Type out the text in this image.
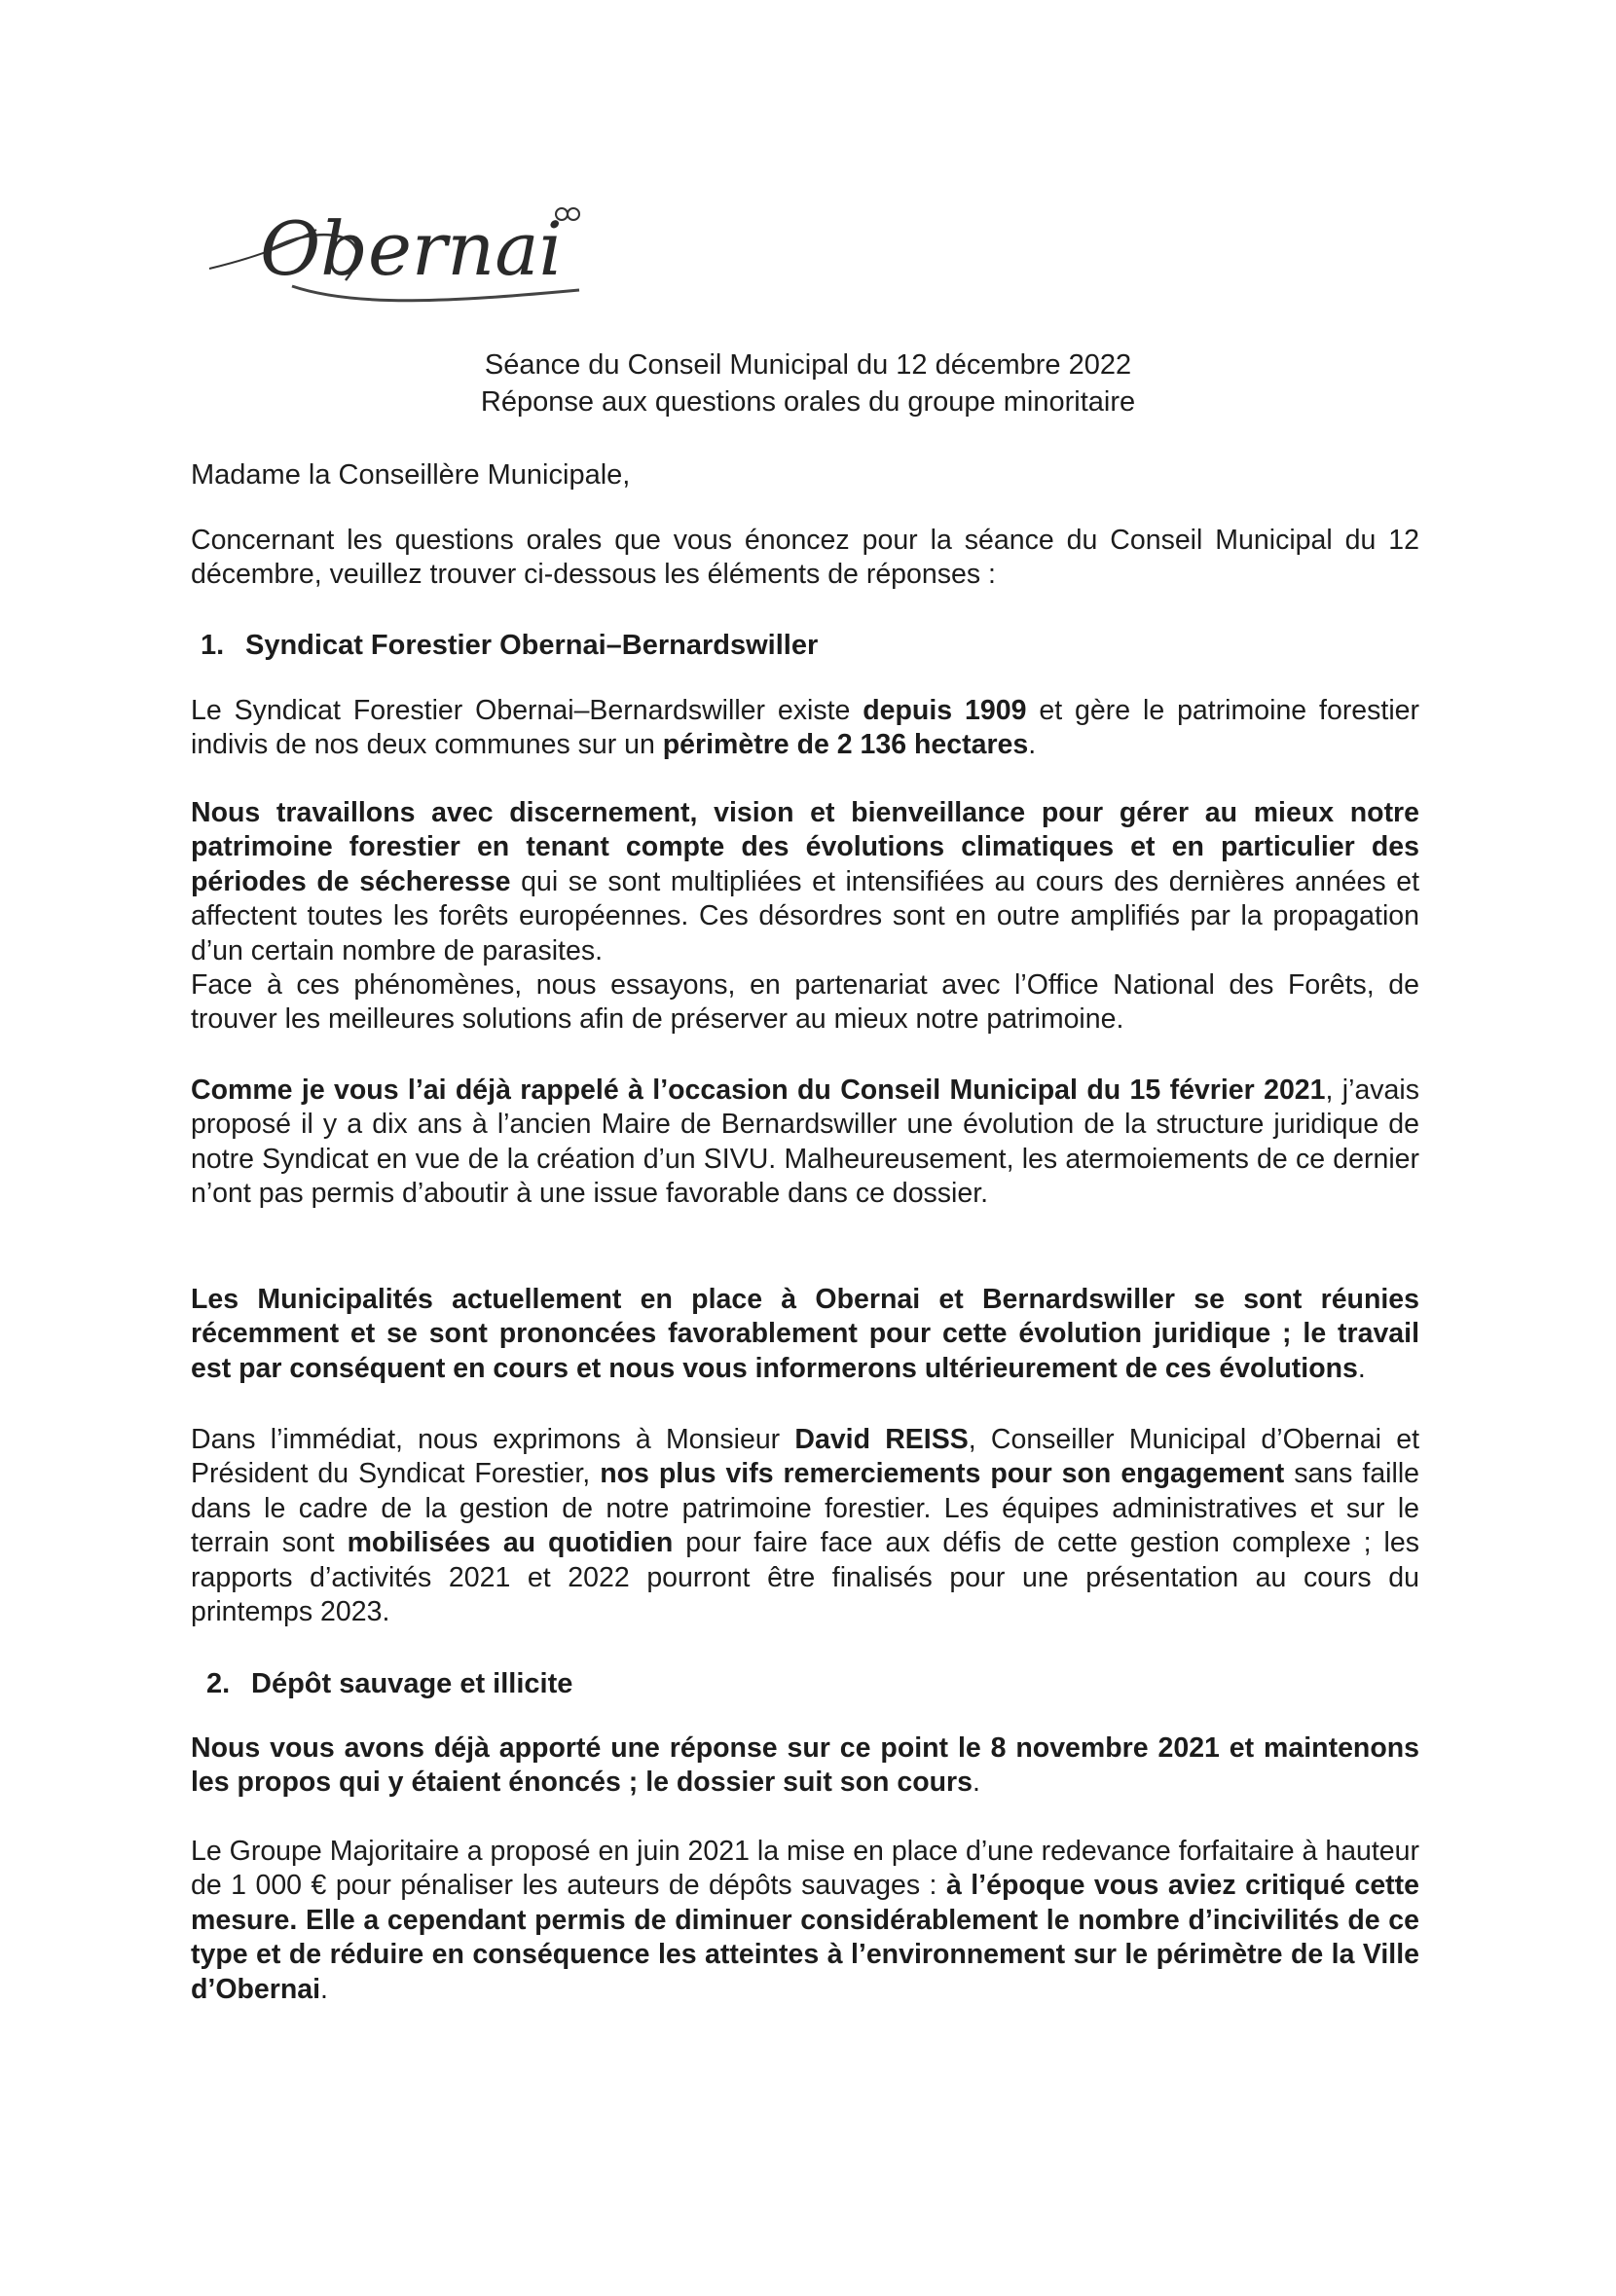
Obernai
Séance du Conseil Municipal du 12 décembre 2022
Réponse aux questions orales du groupe minoritaire
Madame la Conseillère Municipale,
Concernant les questions orales que vous énoncez pour la séance du Conseil Municipal du 12 décembre, veuillez trouver ci-dessous les éléments de réponses :
1. Syndicat Forestier Obernai–Bernardswiller
Le Syndicat Forestier Obernai–Bernardswiller existe depuis 1909 et gère le patrimoine forestier indivis de nos deux communes sur un périmètre de 2 136 hectares.
Nous travaillons avec discernement, vision et bienveillance pour gérer au mieux notre patrimoine forestier en tenant compte des évolutions climatiques et en particulier des périodes de sécheresse qui se sont multipliées et intensifiées au cours des dernières années et affectent toutes les forêts européennes. Ces désordres sont en outre amplifiés par la propagation d’un certain nombre de parasites.
Face à ces phénomènes, nous essayons, en partenariat avec l’Office National des Forêts, de trouver les meilleures solutions afin de préserver au mieux notre patrimoine.
Comme je vous l’ai déjà rappelé à l’occasion du Conseil Municipal du 15 février 2021, j’avais proposé il y a dix ans à l’ancien Maire de Bernardswiller une évolution de la structure juridique de notre Syndicat en vue de la création d’un SIVU. Malheureusement, les atermoiements de ce dernier n’ont pas permis d’aboutir à une issue favorable dans ce dossier.
Les Municipalités actuellement en place à Obernai et Bernardswiller se sont réunies récemment et se sont prononcées favorablement pour cette évolution juridique ; le travail est par conséquent en cours et nous vous informerons ultérieurement de ces évolutions.
Dans l’immédiat, nous exprimons à Monsieur David REISS, Conseiller Municipal d’Obernai et Président du Syndicat Forestier, nos plus vifs remerciements pour son engagement sans faille dans le cadre de la gestion de notre patrimoine forestier. Les équipes administratives et sur le terrain sont mobilisées au quotidien pour faire face aux défis de cette gestion complexe ; les rapports d’activités 2021 et 2022 pourront être finalisés pour une présentation au cours du printemps 2023.
2. Dépôt sauvage et illicite
Nous vous avons déjà apporté une réponse sur ce point le 8 novembre 2021 et maintenons les propos qui y étaient énoncés ; le dossier suit son cours.
Le Groupe Majoritaire a proposé en juin 2021 la mise en place d’une redevance forfaitaire à hauteur de 1 000 € pour pénaliser les auteurs de dépôts sauvages : à l’époque vous aviez critiqué cette mesure. Elle a cependant permis de diminuer considérablement le nombre d’incivilités de ce type et de réduire en conséquence les atteintes à l’environnement sur le périmètre de la Ville d’Obernai.
